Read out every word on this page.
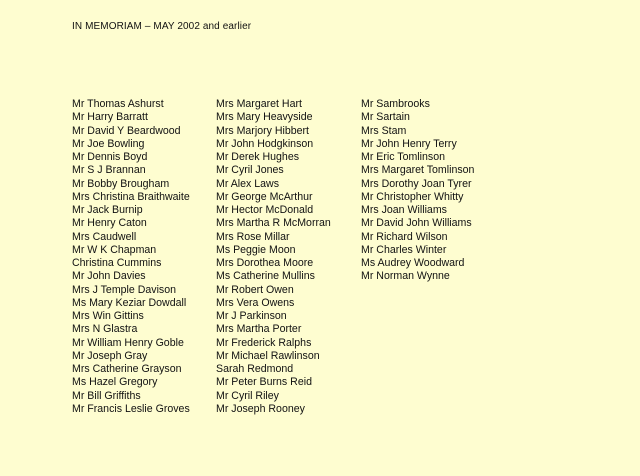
IN MEMORIAM – MAY 2002 and earlier
Mr Thomas Ashurst
Mr Harry Barratt
Mr David Y Beardwood
Mr Joe Bowling
Mr Dennis Boyd
Mr S J Brannan
Mr Bobby Brougham
Mrs Christina Braithwaite
Mr Jack Burnip
Mr Henry Caton
Mrs Caudwell
Mr W K Chapman
Christina Cummins
Mr John Davies
Mrs J Temple Davison
Ms Mary Keziar Dowdall
Mrs Win Gittins
Mrs N Glastra
Mr William Henry Goble
Mr Joseph Gray
Mrs Catherine Grayson
Ms Hazel Gregory
Mr Bill Griffiths
Mr Francis Leslie Groves
Mrs Margaret Hart
Mrs Mary Heavyside
Mrs Marjory Hibbert
Mr John Hodgkinson
Mr Derek Hughes
Mr Cyril Jones
Mr Alex Laws
Mr George McArthur
Mr Hector McDonald
Mrs Martha R McMorran
Mrs Rose Millar
Ms Peggie Moon
Mrs Dorothea Moore
Ms Catherine Mullins
Mr Robert Owen
Mrs Vera Owens
Mr J Parkinson
Mrs Martha Porter
Mr Frederick Ralphs
Mr Michael Rawlinson
Sarah Redmond
Mr Peter Burns Reid
Mr Cyril Riley
Mr Joseph Rooney
Mr Sambrooks
Mr Sartain
Mrs Stam
Mr John Henry Terry
Mr Eric Tomlinson
Mrs Margaret Tomlinson
Mrs Dorothy Joan Tyrer
Mr Christopher Whitty
Mrs Joan Williams
Mr David John Williams
Mr Richard Wilson
Mr Charles Winter
Ms Audrey Woodward
Mr Norman Wynne
